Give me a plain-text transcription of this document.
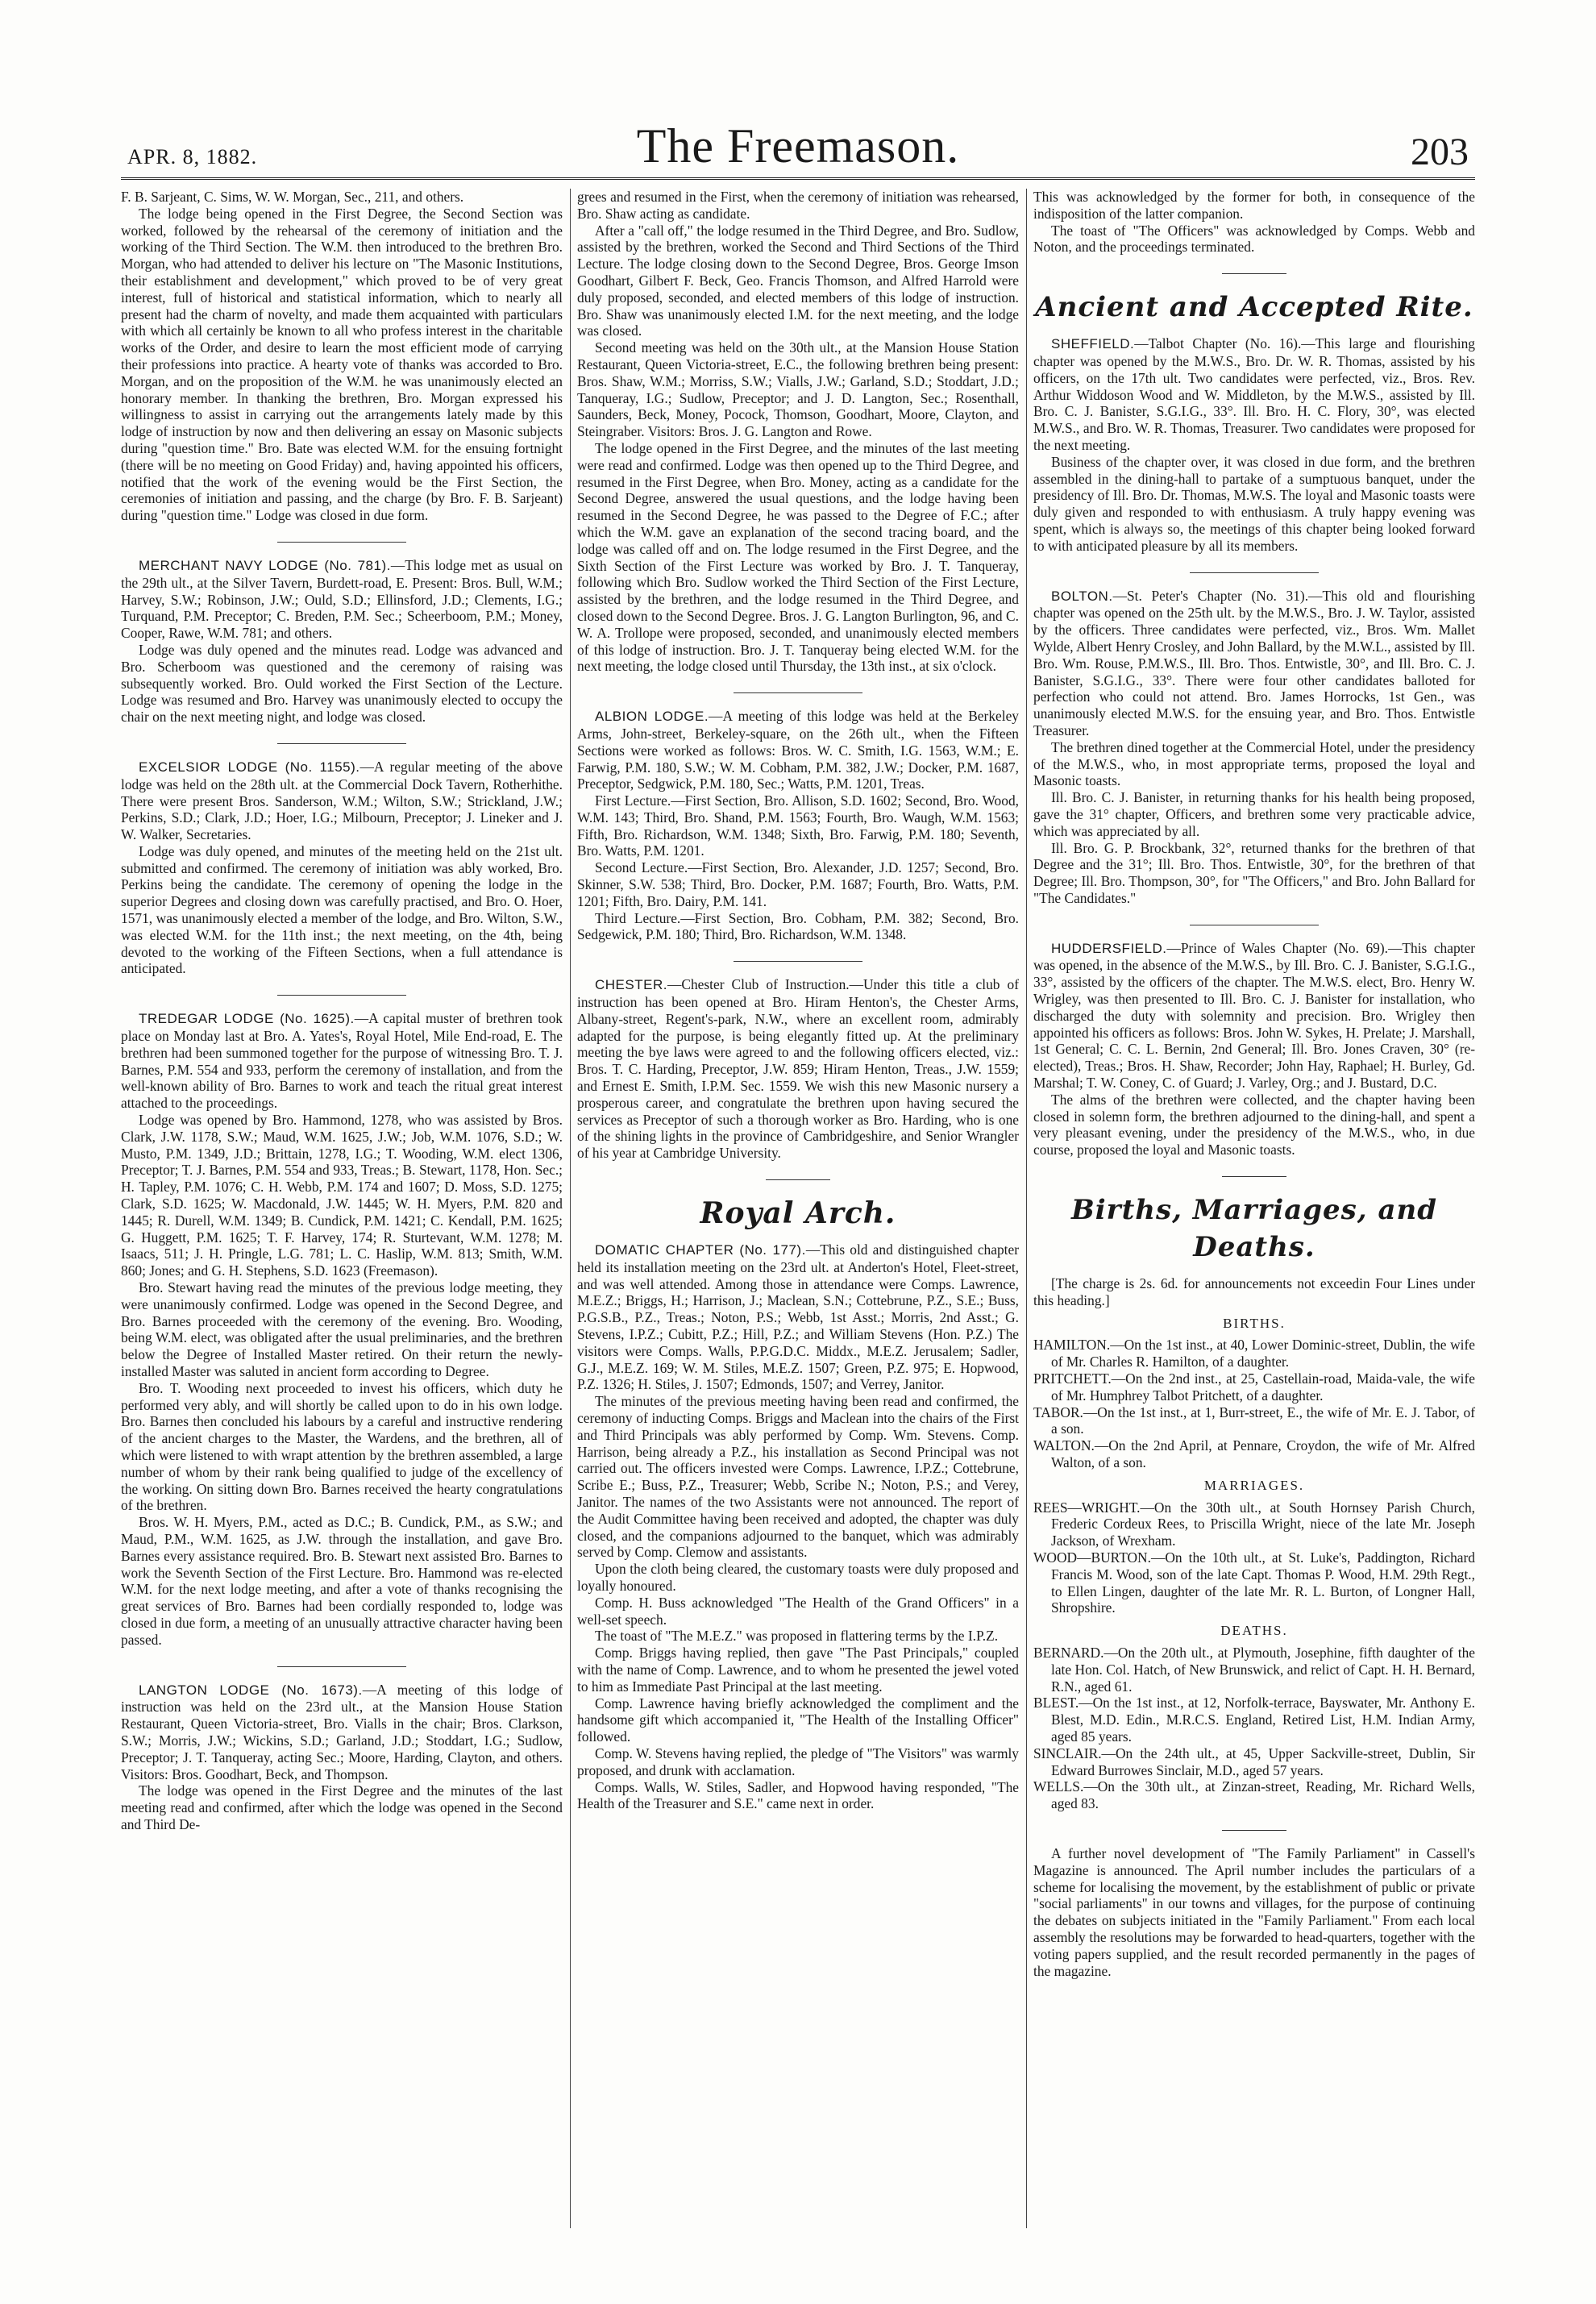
APR. 8, 1882.	The Freemason.	203

F. B. Sarjeant, C. Sims, W. W. Morgan, Sec., 211, and others.

The lodge being opened in the First Degree, the Second Section was worked, followed by the rehearsal of the ceremony of initiation and the working of the Third Section. The W.M. then introduced to the brethren Bro. Morgan, who had attended to deliver his lecture on "The Masonic Institutions, their establishment and development," which proved to be of very great interest, full of historical and statistical information, which to nearly all present had the charm of novelty, and made them acquainted with particulars with which all certainly be known to all who profess interest in the charitable works of the Order, and desire to learn the most efficient mode of carrying their professions into practice. A hearty vote of thanks was accorded to Bro. Morgan, and on the proposition of the W.M. he was unanimously elected an honorary member. In thanking the brethren, Bro. Morgan expressed his willingness to assist in carrying out the arrangements lately made by this lodge of instruction by now and then delivering an essay on Masonic subjects during "question time." Bro. Bate was elected W.M. for the ensuing fortnight (there will be no meeting on Good Friday) and, having appointed his officers, notified that the work of the evening would be the First Section, the ceremonies of initiation and passing, and the charge (by Bro. F. B. Sarjeant) during "question time." Lodge was closed in due form.

MERCHANT NAVY LODGE (No. 781).—This lodge met as usual on the 29th ult., at the Silver Tavern, Burdett-road, E. Present: Bros. Bull, W.M.; Harvey, S.W.; Robinson, J.W.; Ould, S.D.; Ellinsford, J.D.; Clements, I.G.; Turquand, P.M. Preceptor; C. Breden, P.M. Sec.; Scheerboom, P.M.; Money, Cooper, Rawe, W.M. 781; and others.

Lodge was duly opened and the minutes read. Lodge was advanced and Bro. Scherboom was questioned and the ceremony of raising was subsequently worked. Bro. Ould worked the First Section of the Lecture. Lodge was resumed and Bro. Harvey was unanimously elected to occupy the chair on the next meeting night, and lodge was closed.

EXCELSIOR LODGE (No. 1155).—A regular meeting of the above lodge was held on the 28th ult. at the Commercial Dock Tavern, Rotherhithe. There were present Bros. Sanderson, W.M.; Wilton, S.W.; Strickland, J.W.; Perkins, S.D.; Clark, J.D.; Hoer, I.G.; Milbourn, Preceptor; J. Lineker and J. W. Walker, Secretaries.

Lodge was duly opened, and minutes of the meeting held on the 21st ult. submitted and confirmed. The ceremony of initiation was ably worked, Bro. Perkins being the candidate. The ceremony of opening the lodge in the superior Degrees and closing down was carefully practised, and Bro. O. Hoer, 1571, was unanimously elected a member of the lodge, and Bro. Wilton, S.W., was elected W.M. for the 11th inst.; the next meeting, on the 4th, being devoted to the working of the Fifteen Sections, when a full attendance is anticipated.

TREDEGAR LODGE (No. 1625).—A capital muster of brethren took place on Monday last at Bro. A. Yates's, Royal Hotel, Mile End-road, E. The brethren had been summoned together for the purpose of witnessing Bro. T. J. Barnes, P.M. 554 and 933, perform the ceremony of installation, and from the well-known ability of Bro. Barnes to work and teach the ritual great interest attached to the proceedings.

Lodge was opened by Bro. Hammond, 1278, who was assisted by Bros. Clark, J.W. 1178, S.W.; Maud, W.M. 1625, J.W.; Job, W.M. 1076, S.D.; W. Musto, P.M. 1349, J.D.; Brittain, 1278, I.G.; T. Wooding, W.M. elect 1306, Preceptor; T. J. Barnes, P.M. 554 and 933, Treas.; B. Stewart, 1178, Hon. Sec.; H. Tapley, P.M. 1076; C. H. Webb, P.M. 174 and 1607; D. Moss, S.D. 1275; Clark, S.D. 1625; W. Macdonald, J.W. 1445; W. H. Myers, P.M. 820 and 1445; R. Durell, W.M. 1349; B. Cundick, P.M. 1421; C. Kendall, P.M. 1625; G. Huggett, P.M. 1625; T. F. Harvey, 174; R. Sturtevant, W.M. 1278; M. Isaacs, 511; J. H. Pringle, L.G. 781; L. C. Haslip, W.M. 813; Smith, W.M. 860; Jones; and G. H. Stephens, S.D. 1623 (Freemason).

Bro. Stewart having read the minutes of the previous lodge meeting, they were unanimously confirmed. Lodge was opened in the Second Degree, and Bro. Barnes proceeded with the ceremony of the evening. Bro. Wooding, being W.M. elect, was obligated after the usual preliminaries, and the brethren below the Degree of Installed Master retired. On their return the newly-installed Master was saluted in ancient form according to Degree.

Bro. T. Wooding next proceeded to invest his officers, which duty he performed very ably, and will shortly be called upon to do in his own lodge. Bro. Barnes then concluded his labours by a careful and instructive rendering of the ancient charges to the Master, the Wardens, and the brethren, all of which were listened to with wrapt attention by the brethren assembled, a large number of whom by their rank being qualified to judge of the excellency of the working. On sitting down Bro. Barnes received the hearty congratulations of the brethren.

Bros. W. H. Myers, P.M., acted as D.C.; B. Cundick, P.M., as S.W.; and Maud, P.M., W.M. 1625, as J.W. through the installation, and gave Bro. Barnes every assistance required. Bro. B. Stewart next assisted Bro. Barnes to work the Seventh Section of the First Lecture. Bro. Hammond was re-elected W.M. for the next lodge meeting, and after a vote of thanks recognising the great services of Bro. Barnes had been cordially responded to, lodge was closed in due form, a meeting of an unusually attractive character having been passed.

LANGTON LODGE (No. 1673).—A meeting of this lodge of instruction was held on the 23rd ult., at the Mansion House Station Restaurant, Queen Victoria-street, Bro. Vialls in the chair; Bros. Clarkson, S.W.; Morris, J.W.; Wickins, S.D.; Garland, J.D.; Stoddart, I.G.; Sudlow, Preceptor; J. T. Tanqueray, acting Sec.; Moore, Harding, Clayton, and others. Visitors: Bros. Goodhart, Beck, and Thompson.

The lodge was opened in the First Degree and the minutes of the last meeting read and confirmed, after which the lodge was opened in the Second and Third De-

grees and resumed in the First, when the ceremony of initiation was rehearsed, Bro. Shaw acting as candidate.

After a "call off," the lodge resumed in the Third Degree, and Bro. Sudlow, assisted by the brethren, worked the Second and Third Sections of the Third Lecture. The lodge closing down to the Second Degree, Bros. George Imson Goodhart, Gilbert F. Beck, Geo. Francis Thomson, and Alfred Harrold were duly proposed, seconded, and elected members of this lodge of instruction. Bro. Shaw was unanimously elected I.M. for the next meeting, and the lodge was closed.

Second meeting was held on the 30th ult., at the Mansion House Station Restaurant, Queen Victoria-street, E.C., the following brethren being present: Bros. Shaw, W.M.; Morriss, S.W.; Vialls, J.W.; Garland, S.D.; Stoddart, J.D.; Tanqueray, I.G.; Sudlow, Preceptor; and J. D. Langton, Sec.; Rosenthall, Saunders, Beck, Money, Pocock, Thomson, Goodhart, Moore, Clayton, and Steingraber. Visitors: Bros. J. G. Langton and Rowe.

The lodge opened in the First Degree, and the minutes of the last meeting were read and confirmed. Lodge was then opened up to the Third Degree, and resumed in the First Degree, when Bro. Money, acting as a candidate for the Second Degree, answered the usual questions, and the lodge having been resumed in the Second Degree, he was passed to the Degree of F.C.; after which the W.M. gave an explanation of the second tracing board, and the lodge was called off and on. The lodge resumed in the First Degree, and the Sixth Section of the First Lecture was worked by Bro. J. T. Tanqueray, following which Bro. Sudlow worked the Third Section of the First Lecture, assisted by the brethren, and the lodge resumed in the Third Degree, and closed down to the Second Degree. Bros. J. G. Langton Burlington, 96, and C. W. A. Trollope were proposed, seconded, and unanimously elected members of this lodge of instruction. Bro. J. T. Tanqueray being elected W.M. for the next meeting, the lodge closed until Thursday, the 13th inst., at six o'clock.

ALBION LODGE.—A meeting of this lodge was held at the Berkeley Arms, John-street, Berkeley-square, on the 26th ult., when the Fifteen Sections were worked as follows: Bros. W. C. Smith, I.G. 1563, W.M.; E. Farwig, P.M. 180, S.W.; W. M. Cobham, P.M. 382, J.W.; Docker, P.M. 1687, Preceptor, Sedgwick, P.M. 180, Sec.; Watts, P.M. 1201, Treas.

First Lecture.—First Section, Bro. Allison, S.D. 1602; Second, Bro. Wood, W.M. 143; Third, Bro. Shand, P.M. 1563; Fourth, Bro. Waugh, W.M. 1563; Fifth, Bro. Richardson, W.M. 1348; Sixth, Bro. Farwig, P.M. 180; Seventh, Bro. Watts, P.M. 1201.

Second Lecture.—First Section, Bro. Alexander, J.D. 1257; Second, Bro. Skinner, S.W. 538; Third, Bro. Docker, P.M. 1687; Fourth, Bro. Watts, P.M. 1201; Fifth, Bro. Dairy, P.M. 141.

Third Lecture.—First Section, Bro. Cobham, P.M. 382; Second, Bro. Sedgewick, P.M. 180; Third, Bro. Richardson, W.M. 1348.

CHESTER.—Chester Club of Instruction.—Under this title a club of instruction has been opened at Bro. Hiram Henton's, the Chester Arms, Albany-street, Regent's-park, N.W., where an excellent room, admirably adapted for the purpose, is being elegantly fitted up. At the preliminary meeting the bye laws were agreed to and the following officers elected, viz.: Bros. T. C. Harding, Preceptor, J.W. 859; Hiram Henton, Treas., J.W. 1559; and Ernest E. Smith, I.P.M. Sec. 1559. We wish this new Masonic nursery a prosperous career, and congratulate the brethren upon having secured the services as Preceptor of such a thorough worker as Bro. Harding, who is one of the shining lights in the province of Cambridgeshire, and Senior Wrangler of his year at Cambridge University.

Royal Arch.

DOMATIC CHAPTER (No. 177).—This old and distinguished chapter held its installation meeting on the 23rd ult. at Anderton's Hotel, Fleet-street, and was well attended. Among those in attendance were Comps. Lawrence, M.E.Z.; Briggs, H.; Harrison, J.; Maclean, S.N.; Cottebrune, P.Z., S.E.; Buss, P.G.S.B., P.Z., Treas.; Noton, P.S.; Webb, 1st Asst.; Morris, 2nd Asst.; G. Stevens, I.P.Z.; Cubitt, P.Z.; Hill, P.Z.; and William Stevens (Hon. P.Z.) The visitors were Comps. Walls, P.P.G.D.C. Middx., M.E.Z. Jerusalem; Sadler, G.J., M.E.Z. 169; W. M. Stiles, M.E.Z. 1507; Green, P.Z. 975; E. Hopwood, P.Z. 1326; H. Stiles, J. 1507; Edmonds, 1507; and Verrey, Janitor.

The minutes of the previous meeting having been read and confirmed, the ceremony of inducting Comps. Briggs and Maclean into the chairs of the First and Third Principals was ably performed by Comp. Wm. Stevens. Comp. Harrison, being already a P.Z., his installation as Second Principal was not carried out. The officers invested were Comps. Lawrence, I.P.Z.; Cottebrune, Scribe E.; Buss, P.Z., Treasurer; Webb, Scribe N.; Noton, P.S.; and Verey, Janitor. The names of the two Assistants were not announced. The report of the Audit Committee having been received and adopted, the chapter was duly closed, and the companions adjourned to the banquet, which was admirably served by Comp. Clemow and assistants.

Upon the cloth being cleared, the customary toasts were duly proposed and loyally honoured.

Comp. H. Buss acknowledged "The Health of the Grand Officers" in a well-set speech.

The toast of "The M.E.Z." was proposed in flattering terms by the I.P.Z.

Comp. Briggs having replied, then gave "The Past Principals," coupled with the name of Comp. Lawrence, and to whom he presented the jewel voted to him as Immediate Past Principal at the last meeting.

Comp. Lawrence having briefly acknowledged the compliment and the handsome gift which accompanied it, "The Health of the Installing Officer" followed.

Comp. W. Stevens having replied, the pledge of "The Visitors" was warmly proposed, and drunk with acclamation.

Comps. Walls, W. Stiles, Sadler, and Hopwood having responded, "The Health of the Treasurer and S.E." came next in order.

This was acknowledged by the former for both, in consequence of the indisposition of the latter companion.

The toast of "The Officers" was acknowledged by Comps. Webb and Noton, and the proceedings terminated.

Ancient and Accepted Rite.

SHEFFIELD.—Talbot Chapter (No. 16).—This large and flourishing chapter was opened by the M.W.S., Bro. Dr. W. R. Thomas, assisted by his officers, on the 17th ult. Two candidates were perfected, viz., Bros. Rev. Arthur Widdoson Wood and W. Middleton, by the M.W.S., assisted by Ill. Bro. C. J. Banister, S.G.I.G., 33°. Ill. Bro. H. C. Flory, 30°, was elected M.W.S., and Bro. W. R. Thomas, Treasurer. Two candidates were proposed for the next meeting.

Business of the chapter over, it was closed in due form, and the brethren assembled in the dining-hall to partake of a sumptuous banquet, under the presidency of Ill. Bro. Dr. Thomas, M.W.S. The loyal and Masonic toasts were duly given and responded to with enthusiasm. A truly happy evening was spent, which is always so, the meetings of this chapter being looked forward to with anticipated pleasure by all its members.

BOLTON.—St. Peter's Chapter (No. 31).—This old and flourishing chapter was opened on the 25th ult. by the M.W.S., Bro. J. W. Taylor, assisted by the officers. Three candidates were perfected, viz., Bros. Wm. Mallet Wylde, Albert Henry Crosley, and John Ballard, by the M.W.L., assisted by Ill. Bro. Wm. Rouse, P.M.W.S., Ill. Bro. Thos. Entwistle, 30°, and Ill. Bro. C. J. Banister, S.G.I.G., 33°. There were four other candidates balloted for perfection who could not attend. Bro. James Horrocks, 1st Gen., was unanimously elected M.W.S. for the ensuing year, and Bro. Thos. Entwistle Treasurer.

The brethren dined together at the Commercial Hotel, under the presidency of the M.W.S., who, in most appropriate terms, proposed the loyal and Masonic toasts.

Ill. Bro. C. J. Banister, in returning thanks for his health being proposed, gave the 31° chapter, Officers, and brethren some very practicable advice, which was appreciated by all.

Ill. Bro. G. P. Brockbank, 32°, returned thanks for the brethren of that Degree and the 31°; Ill. Bro. Thos. Entwistle, 30°, for the brethren of that Degree; Ill. Bro. Thompson, 30°, for "The Officers," and Bro. John Ballard for "The Candidates."

HUDDERSFIELD.—Prince of Wales Chapter (No. 69).—This chapter was opened, in the absence of the M.W.S., by Ill. Bro. C. J. Banister, S.G.I.G., 33°, assisted by the officers of the chapter. The M.W.S. elect, Bro. Henry W. Wrigley, was then presented to Ill. Bro. C. J. Banister for installation, who discharged the duty with solemnity and precision. Bro. Wrigley then appointed his officers as follows: Bros. John W. Sykes, H. Prelate; J. Marshall, 1st General; C. C. L. Bernin, 2nd General; Ill. Bro. Jones Craven, 30° (re-elected), Treas.; Bros. H. Shaw, Recorder; John Hay, Raphael; H. Burley, Gd. Marshal; T. W. Coney, C. of Guard; J. Varley, Org.; and J. Bustard, D.C.

The alms of the brethren were collected, and the chapter having been closed in solemn form, the brethren adjourned to the dining-hall, and spent a very pleasant evening, under the presidency of the M.W.S., who, in due course, proposed the loyal and Masonic toasts.

Births, Marriages, and Deaths.

[The charge is 2s. 6d. for announcements not exceedin Four Lines under this heading.]

BIRTHS.

HAMILTON.—On the 1st inst., at 40, Lower Dominic-street, Dublin, the wife of Mr. Charles R. Hamilton, of a daughter.

PRITCHETT.—On the 2nd inst., at 25, Castellain-road, Maida-vale, the wife of Mr. Humphrey Talbot Pritchett, of a daughter.

TABOR.—On the 1st inst., at 1, Burr-street, E., the wife of Mr. E. J. Tabor, of a son.

WALTON.—On the 2nd April, at Pennare, Croydon, the wife of Mr. Alfred Walton, of a son.

MARRIAGES.

REES—WRIGHT.—On the 30th ult., at South Hornsey Parish Church, Frederic Cordeux Rees, to Priscilla Wright, niece of the late Mr. Joseph Jackson, of Wrexham.

WOOD—BURTON.—On the 10th ult., at St. Luke's, Paddington, Richard Francis M. Wood, son of the late Capt. Thomas P. Wood, H.M. 29th Regt., to Ellen Lingen, daughter of the late Mr. R. L. Burton, of Longner Hall, Shropshire.

DEATHS.

BERNARD.—On the 20th ult., at Plymouth, Josephine, fifth daughter of the late Hon. Col. Hatch, of New Brunswick, and relict of Capt. H. H. Bernard, R.N., aged 61.

BLEST.—On the 1st inst., at 12, Norfolk-terrace, Bayswater, Mr. Anthony E. Blest, M.D. Edin., M.R.C.S. England, Retired List, H.M. Indian Army, aged 85 years.

SINCLAIR.—On the 24th ult., at 45, Upper Sackville-street, Dublin, Sir Edward Burrowes Sinclair, M.D., aged 57 years.

WELLS.—On the 30th ult., at Zinzan-street, Reading, Mr. Richard Wells, aged 83.

A further novel development of "The Family Parliament" in Cassell's Magazine is announced. The April number includes the particulars of a scheme for localising the movement, by the establishment of public or private "social parliaments" in our towns and villages, for the purpose of continuing the debates on subjects initiated in the "Family Parliament." From each local assembly the resolutions may be forwarded to head-quarters, together with the voting papers supplied, and the result recorded permanently in the pages of the magazine.
